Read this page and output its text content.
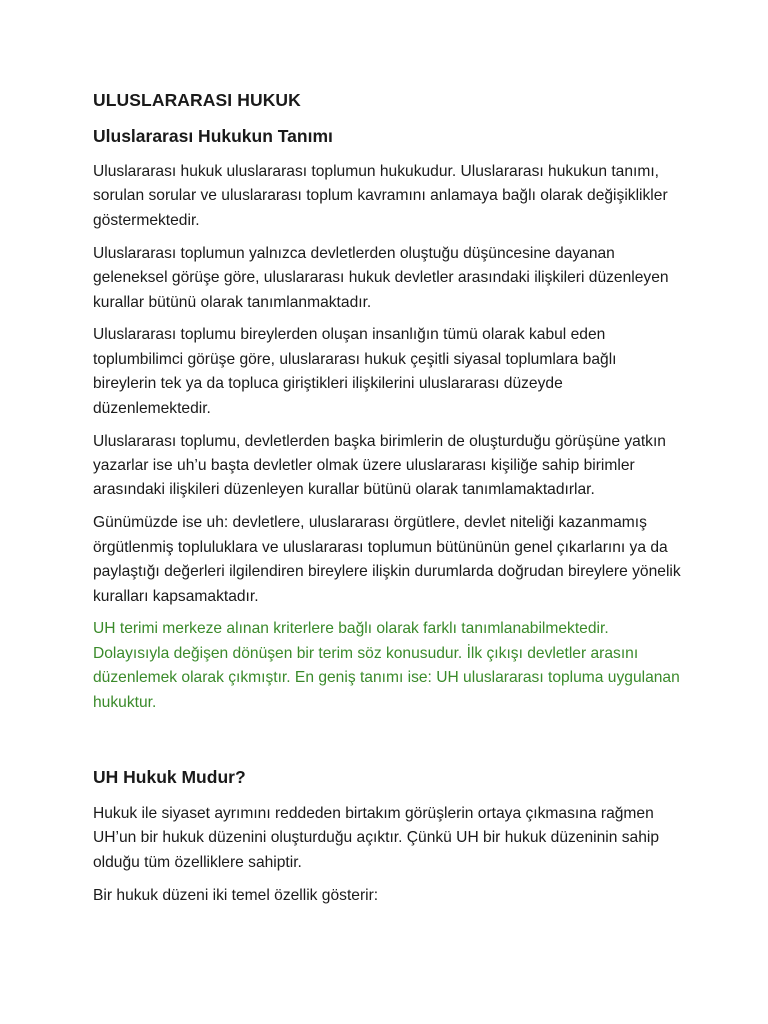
ULUSLARARASI HUKUK
Uluslararası Hukukun Tanımı

Uluslararası hukuk uluslararası toplumun hukukudur. Uluslararası hukukun tanımı, sorulan sorular ve uluslararası toplum kavramını anlamaya bağlı olarak değişiklikler göstermektedir.

Uluslararası toplumun yalnızca devletlerden oluştuğu düşüncesine dayanan geleneksel görüşe göre, uluslararası hukuk devletler arasındaki ilişkileri düzenleyen kurallar bütünü olarak tanımlanmaktadır.

Uluslararası toplumu bireylerden oluşan insanlığın tümü olarak kabul eden toplumbilimci görüşe göre, uluslararası hukuk çeşitli siyasal toplumlara bağlı bireylerin tek ya da topluca giriştikleri ilişkilerini uluslararası düzeyde düzenlemektedir.

Uluslararası toplumu, devletlerden başka birimlerin de oluşturduğu görüşüne yatkın yazarlar ise uh’u başta devletler olmak üzere uluslararası kişiliğe sahip birimler arasındaki ilişkileri düzenleyen kurallar bütünü olarak tanımlamaktadırlar.

Günümüzde ise uh: devletlere, uluslararası örgütlere, devlet niteliği kazanmamış örgütlenmiş topluluklara ve uluslararası toplumun bütününün genel çıkarlarını ya da paylaştığı değerleri ilgilendiren bireylere ilişkin durumlarda doğrudan bireylere yönelik kuralları kapsamaktadır.

UH terimi merkeze alınan kriterlere bağlı olarak farklı tanımlanabilmektedir. Dolayısıyla değişen dönüşen bir terim söz konusudur. İlk çıkışı devletler arasını düzenlemek olarak çıkmıştır. En geniş tanımı ise: UH uluslararası topluma uygulanan hukuktur.

UH Hukuk Mudur?

Hukuk ile siyaset ayrımını reddeden birtakım görüşlerin ortaya çıkmasına rağmen UH’un bir hukuk düzenini oluşturduğu açıktır. Çünkü UH bir hukuk düzeninin sahip olduğu tüm özelliklere sahiptir.

Bir hukuk düzeni iki temel özellik gösterir:
